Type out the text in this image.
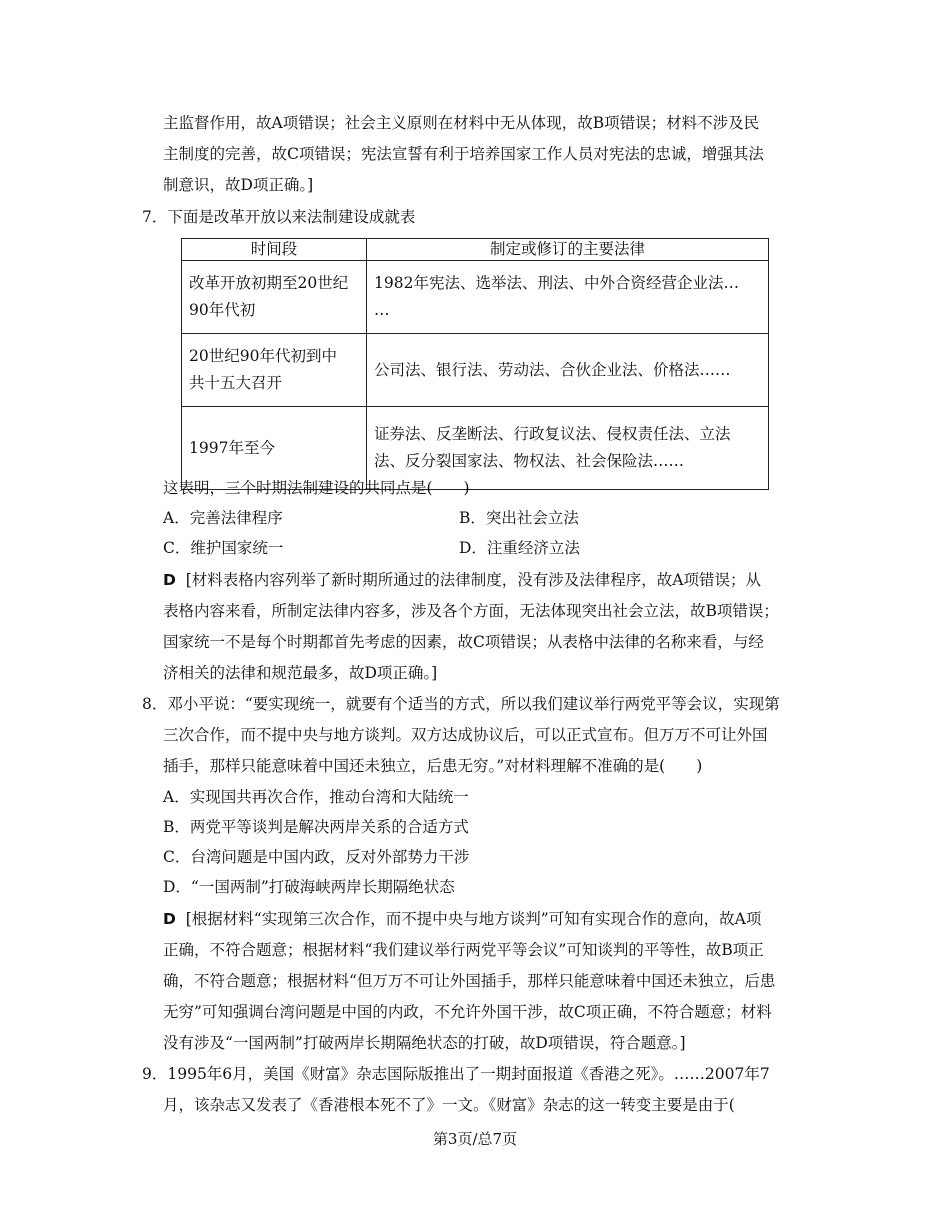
主监督作用，故A项错误；社会主义原则在材料中无从体现，故B项错误；材料不涉及民
主制度的完善，故C项错误；宪法宣誓有利于培养国家工作人员对宪法的忠诚，增强其法
制意识，故D项正确。]
7．下面是改革开放以来法制建设成就表
时间段	制定或修订的主要法律
改革开放初期至20世纪
90年代初	1982年宪法、选举法、刑法、中外合资经营企业法…
…
20世纪90年代初到中
共十五大召开	公司法、银行法、劳动法、合伙企业法、价格法……
1997年至今	证券法、反垄断法、行政复议法、侵权责任法、立法
法、反分裂国家法、物权法、社会保险法……
这表明，三个时期法制建设的共同点是(　　)
A．完善法律程序	B．突出社会立法
C．维护国家统一	D．注重经济立法
D [材料表格内容列举了新时期所通过的法律制度，没有涉及法律程序，故A项错误；从
表格内容来看，所制定法律内容多，涉及各个方面，无法体现突出社会立法，故B项错误；
国家统一不是每个时期都首先考虑的因素，故C项错误；从表格中法律的名称来看，与经
济相关的法律和规范最多，故D项正确。]
8．邓小平说：“要实现统一，就要有个适当的方式，所以我们建议举行两党平等会议，实现第
三次合作，而不提中央与地方谈判。双方达成协议后，可以正式宣布。但万万不可让外国
插手，那样只能意味着中国还未独立，后患无穷。”对材料理解不准确的是(　　)
A．实现国共再次合作，推动台湾和大陆统一
B．两党平等谈判是解决两岸关系的合适方式
C．台湾问题是中国内政，反对外部势力干涉
D．“一国两制”打破海峡两岸长期隔绝状态
D [根据材料“实现第三次合作，而不提中央与地方谈判”可知有实现合作的意向，故A项
正确，不符合题意；根据材料“我们建议举行两党平等会议”可知谈判的平等性，故B项正
确，不符合题意；根据材料“但万万不可让外国插手，那样只能意味着中国还未独立，后患
无穷”可知强调台湾问题是中国的内政，不允许外国干涉，故C项正确，不符合题意；材料
没有涉及“一国两制”打破两岸长期隔绝状态的打破，故D项错误，符合题意。]
9．1995年6月，美国《财富》杂志国际版推出了一期封面报道《香港之死》。……2007年7
月，该杂志又发表了《香港根本死不了》一文。《财富》杂志的这一转变主要是由于(
第3页/总7页
